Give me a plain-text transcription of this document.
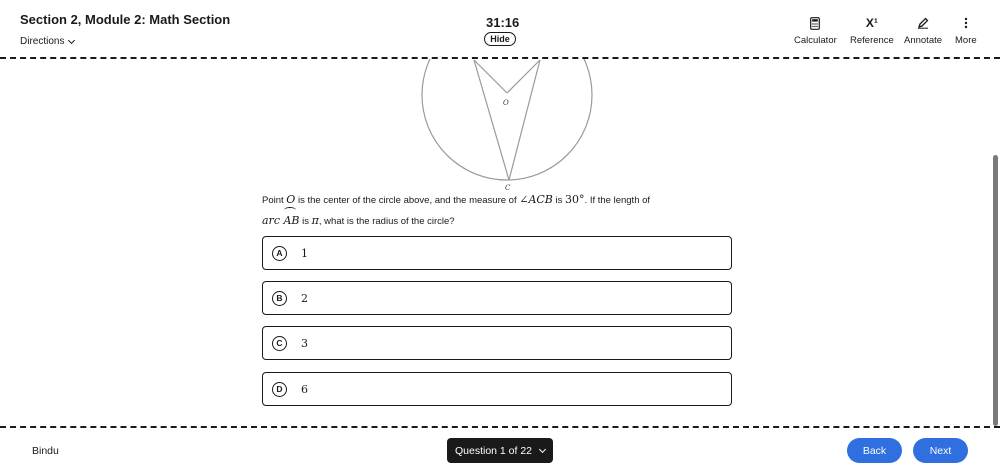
Section 2, Module 2: Math Section
Directions
31:16
Hide	Calculator
X¹
Reference Annotate More
O
C
Point O is the center of the circle above, and the measure of ∠ACB is 30°. If the length of
arc
AB is π, what is the radius of the circle?
A	1
B	2
C	3
D	6
Bindu	Question 1 of 22	Back	Next
